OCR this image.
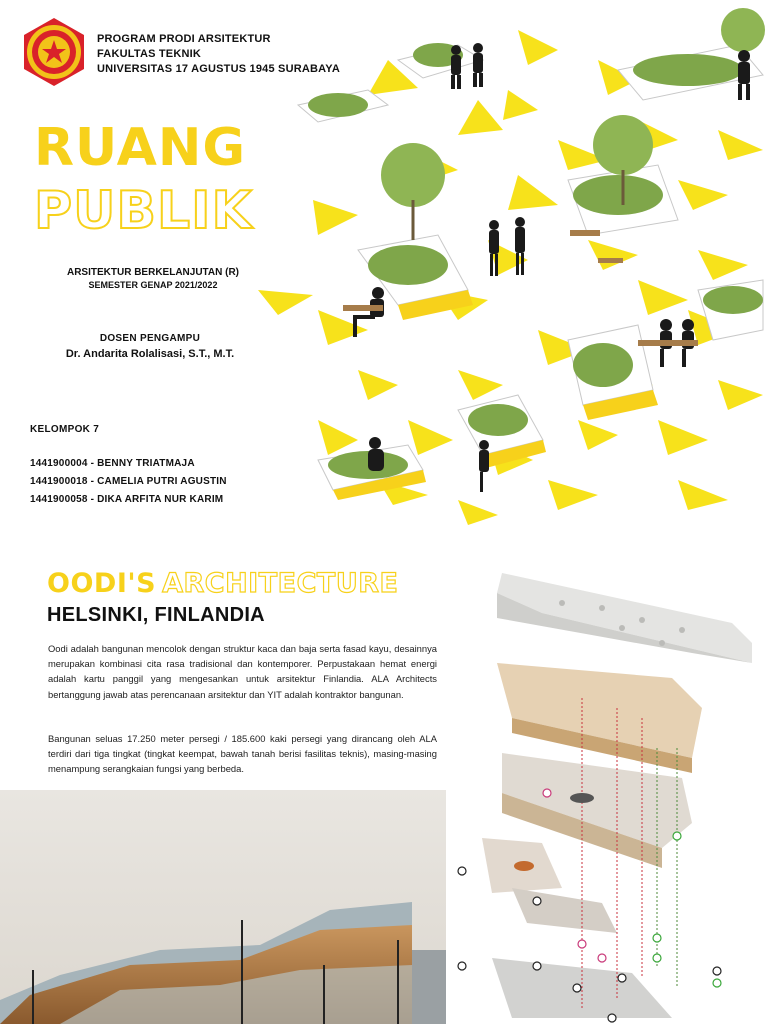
PROGRAM PRODI ARSITEKTUR
FAKULTAS TEKNIK
UNIVERSITAS 17 AGUSTUS 1945 SURABAYA
RUANG
PUBLIK
ARSITEKTUR BERKELANJUTAN (R)
SEMESTER GENAP 2021/2022
DOSEN PENGAMPU
Dr. Andarita Rolalisasi, S.T., M.T.
KELOMPOK 7
1441900004 - BENNY TRIATMAJA
1441900018 - CAMELIA PUTRI AGUSTIN
1441900058 - DIKA ARFITA NUR KARIM
OODI'S ARCHITECTURE
HELSINKI, FINLANDIA
Oodi adalah bangunan mencolok dengan struktur kaca dan baja serta fasad kayu, desainnya merupakan kombinasi cita rasa tradisional dan kontemporer. Perpustakaan hemat energi adalah kartu panggil yang mengesankan untuk arsitektur Finlandia. ALA Architects bertanggung jawab atas perencanaan arsitektur dan YIT adalah kontraktor bangunan.
Bangunan seluas 17.250 meter persegi / 185.600 kaki persegi yang dirancang oleh ALA terdiri dari tiga tingkat (tingkat keempat, bawah tanah berisi fasilitas teknis), masing-masing menampung serangkaian fungsi yang berbeda.
